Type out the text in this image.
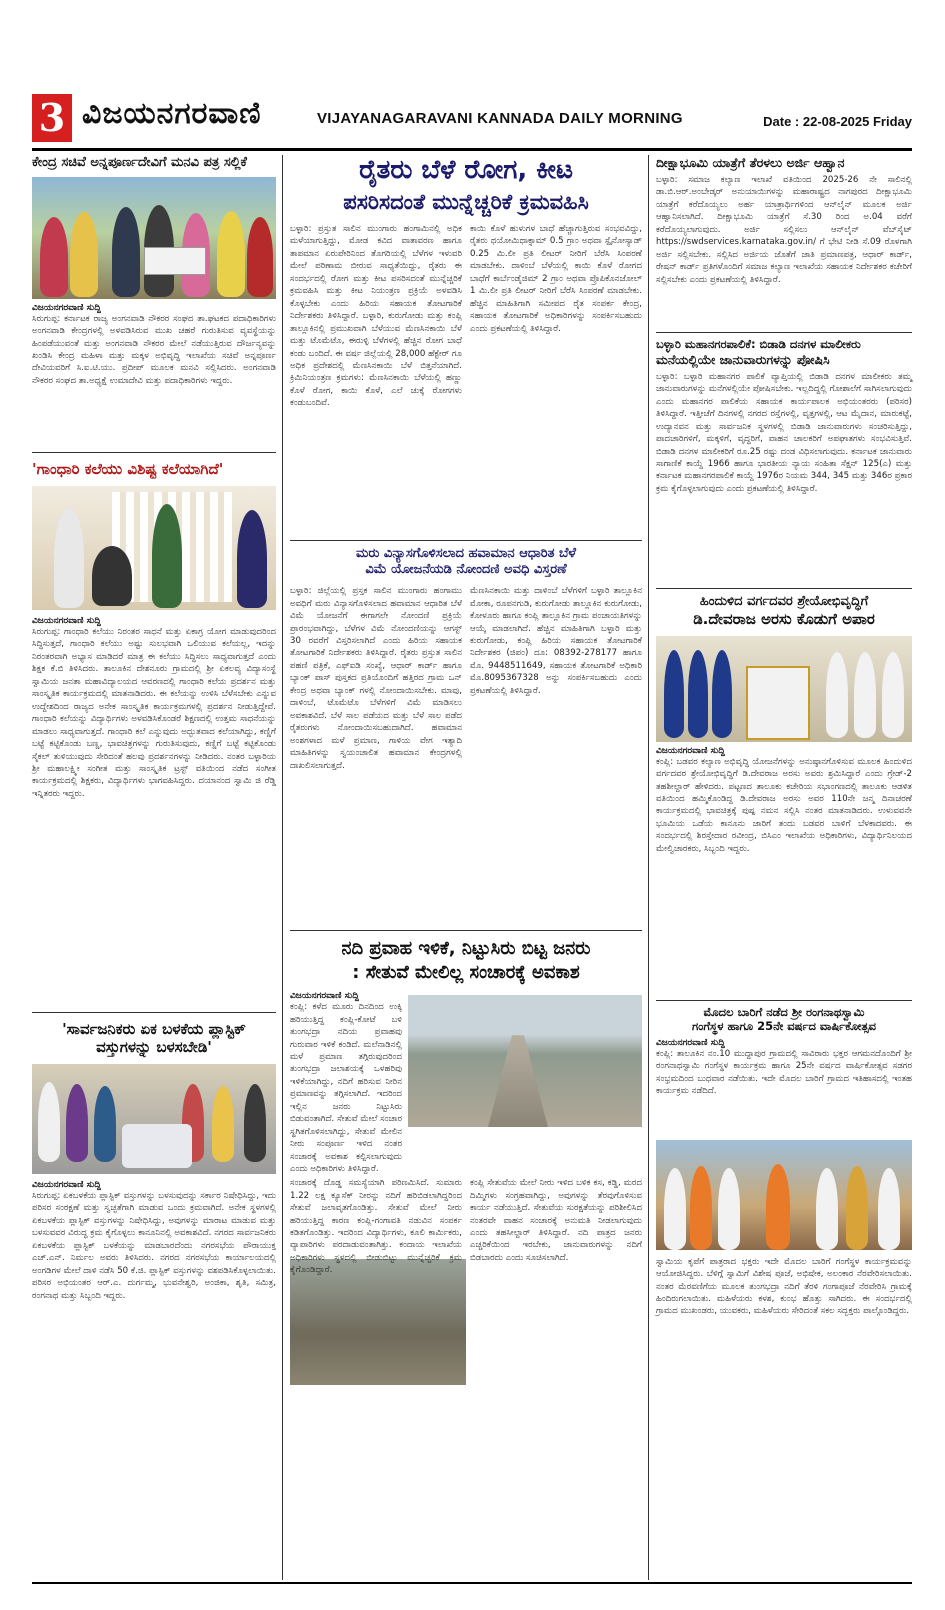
3 ವಿಜಯನಗರವಾಣಿ	VIJAYANAGARAVANI KANNADA DAILY MORNING	Date : 22-08-2025 Friday
ಕೇಂದ್ರ ಸಚಿವೆ ಅನ್ನಪೂರ್ಣದೇವಿಗೆ ಮನವಿ ಪತ್ರ ಸಲ್ಲಿಕೆ
ವಿಜಯನಗರವಾಣಿ ಸುದ್ದಿ
ಸಿರುಗುಪ್ಪ: ಕರ್ನಾಟಕ ರಾಜ್ಯ ಅಂಗನವಾಡಿ ನೌಕರರ ಸಂಘದ ತಾ.ಘಟಕದ ಪದಾಧಿಕಾರಿಗಳು ಅಂಗನವಾಡಿ ಕೇಂದ್ರಗಳಲ್ಲಿ ಅಳವಡಿಸಿರುವ ಮುಖ ಚಹರೆ ಗುರುತಿಸುವ ವ್ಯವಸ್ಥೆಯನ್ನು ಹಿಂಪಡೆಯುವಂತೆ ಮತ್ತು ಅಂಗನವಾಡಿ ನೌಕರರ ಮೇಲೆ ನಡೆಯುತ್ತಿರುವ ದೌರ್ಜನ್ಯವನ್ನು ಖಂಡಿಸಿ ಕೇಂದ್ರ ಮಹಿಳಾ ಮತ್ತು ಮಕ್ಕಳ ಅಭಿವೃದ್ಧಿ ಇಲಾಖೆಯ ಸಚಿವೆ ಅನ್ನಪೂರ್ಣ ದೇವಿಯವರಿಗೆ ಸಿ.ಐ.ಟಿ.ಯು. ಪ್ರದೀಪ್ ಮೂಲಕ ಮನವಿ ಸಲ್ಲಿಸಿದರು. ಅಂಗನವಾಡಿ ನೌಕರರ ಸಂಘದ ತಾ.ಅಧ್ಯಕ್ಷೆ ಉಮಾದೇವಿ ಮತ್ತು ಪದಾಧಿಕಾರಿಗಳು ಇದ್ದರು.
'ಗಾಂಧಾರಿ ಕಲೆಯು ವಿಶಿಷ್ಟ ಕಲೆಯಾಗಿದೆ'
ವಿಜಯನಗರವಾಣಿ ಸುದ್ದಿ
ಸಿರುಗುಪ್ಪ: ಗಾಂಧಾರಿ ಕಲೆಯು ನಿರಂತರ ಸಾಧನೆ ಮತ್ತು ಏಕಾಗ್ರ ಯೋಗ ಮಾಡುವುದರಿಂದ ಸಿದ್ಧಿಸುತ್ತದೆ, ಗಾಂಧಾರಿ ಕಲೆಯು ಅಷ್ಟು ಸುಲಭವಾಗಿ ಒಲಿಯುವ ಕಲೆಯಲ್ಲ, ಇದನ್ನು ನಿರಂತರವಾಗಿ ಅಭ್ಯಾಸ ಮಾಡಿದರೆ ಮಾತ್ರ ಈ ಕಲೆಯು ಸಿದ್ಧಿಸಲು ಸಾಧ್ಯವಾಗುತ್ತದೆ ಎಂದು ಶಿಕ್ಷಕ ಕೆ.ಬಿ ತಿಳಿಸಿದರು. ತಾಲೂಕಿನ ದೇಶನೂರು ಗ್ರಾಮದಲ್ಲಿ ಶ್ರೀ ಏಕಲವ್ಯ ವಿದ್ಯಾಸಂಸ್ಥೆ ಸ್ವಾಮಿಯ ಜನತಾ ಮಹಾವಿದ್ಯಾಲಯದ ಆವರಣದಲ್ಲಿ ಗಾಂಧಾರಿ ಕಲೆಯ ಪ್ರದರ್ಶನ ಮತ್ತು ಸಾಂಸ್ಕೃತಿಕ ಕಾರ್ಯಕ್ರಮದಲ್ಲಿ ಮಾತನಾಡಿದರು. ಈ ಕಲೆಯನ್ನು ಉಳಿಸಿ ಬೆಳೆಸಬೇಕು ಎನ್ನುವ ಉದ್ದೇಶದಿಂದ ರಾಜ್ಯದ ಅನೇಕ ಸಾಂಸ್ಕೃತಿಕ ಕಾರ್ಯಕ್ರಮಗಳಲ್ಲಿ ಪ್ರದರ್ಶನ ನೀಡುತ್ತಿದ್ದೇವೆ. ಗಾಂಧಾರಿ ಕಲೆಯನ್ನು ವಿದ್ಯಾರ್ಥಿಗಳು ಅಳವಡಿಸಿಕೊಂಡರೆ ಶಿಕ್ಷಣದಲ್ಲಿ ಉತ್ತಮ ಸಾಧನೆಯನ್ನು ಮಾಡಲು ಸಾಧ್ಯವಾಗುತ್ತದೆ. ಗಾಂಧಾರಿ ಕಲೆ ಎನ್ನುವುದು ಅದ್ಭುತವಾದ ಕಲೆಯಾಗಿದ್ದು, ಕಣ್ಣಿಗೆ ಬಟ್ಟೆ ಕಟ್ಟಿಕೊಂಡು ಬಣ್ಣ, ಭಾವಚಿತ್ರಗಳನ್ನು ಗುರುತಿಸುವುದು, ಕಣ್ಣಿಗೆ ಬಟ್ಟೆ ಕಟ್ಟಿಕೊಂಡು ಸೈಕಲ್ ತುಳಿಯುವುದು ಸೇರಿದಂತೆ ಹಲವು ಪ್ರದರ್ಶನಗಳನ್ನು ನೀಡಿದರು. ನಂತರ ಬಳ್ಳಾರಿಯ ಶ್ರೀ ಮಹಾಲಕ್ಷ್ಮೀ ಸಂಗೀತ ಮತ್ತು ಸಾಂಸ್ಕೃತಿಕ ಟ್ರಸ್ಟ್ ವತಿಯಿಂದ ನಡೆದ ಸಂಗೀತ ಕಾರ್ಯಕ್ರಮದಲ್ಲಿ ಶಿಕ್ಷಕರು, ವಿದ್ಯಾರ್ಥಿಗಳು ಭಾಗವಹಿಸಿದ್ದರು. ದಯಾನಂದ ಸ್ವಾಮಿ ಜಿ ರೆಡ್ಡಿ ಇನ್ನಿತರರು ಇದ್ದರು.
'ಸಾರ್ವಜನಿಕರು ಏಕ ಬಳಕೆಯ ಪ್ಲಾಸ್ಟಿಕ್ ವಸ್ತುಗಳನ್ನು ಬಳಸಬೇಡಿ'
ವಿಜಯನಗರವಾಣಿ ಸುದ್ದಿ
ಸಿರುಗುಪ್ಪ: ಏಕಬಳಕೆಯ ಪ್ಲಾಸ್ಟಿಕ್ ವಸ್ತುಗಳನ್ನು ಬಳಸುವುದನ್ನು ಸರ್ಕಾರ ನಿಷೇಧಿಸಿದ್ದು, ಇದು ಪರಿಸರ ಸಂರಕ್ಷಣೆ ಮತ್ತು ಸ್ವಚ್ಛತೆಗಾಗಿ ಮಾಡುವ ಒಂದು ಕ್ರಮವಾಗಿದೆ. ಅನೇಕ ಸ್ಥಳಗಳಲ್ಲಿ ಏಕಬಳಕೆಯ ಪ್ಲಾಸ್ಟಿಕ್ ವಸ್ತುಗಳನ್ನು ನಿಷೇಧಿಸಿದ್ದು, ಅವುಗಳನ್ನು ಮಾರಾಟ ಮಾಡುವ ಮತ್ತು ಬಳಸುವವರ ವಿರುದ್ಧ ಕ್ರಮ ಕೈಗೊಳ್ಳಲು ಕಾನೂನಿನಲ್ಲಿ ಅವಕಾಶವಿದೆ. ನಗರದ ಸಾರ್ವಜನಿಕರು ಏಕಬಳಕೆಯ ಪ್ಲಾಸ್ಟಿಕ್ ಬಳಕೆಯನ್ನು ಮಾಡಬಾರದೆಂದು ನಗರಸಭೆಯ ಪೌರಾಯುಕ್ತ ಎಚ್.ಎನ್. ನಿರ್ಮಲ ಅವರು ತಿಳಿಸಿದರು. ನಗರದ ನಗರಸಭೆಯ ಕಾರ್ಯಾಲಯದಲ್ಲಿ ಅಂಗಡಿಗಳ ಮೇಲೆ ದಾಳಿ ನಡೆಸಿ 50 ಕೆ.ಜಿ. ಪ್ಲಾಸ್ಟಿಕ್ ವಸ್ತುಗಳನ್ನು ವಶಪಡಿಸಿಕೊಳ್ಳಲಾಯಿತು. ಪರಿಸರ ಅಭಿಯಂತರ ಆರ್.ಎ. ದುರ್ಗಮ್ಮ, ಭುವನೇಶ್ವರಿ, ಅಂಜಿಕಾ, ಶೃತಿ, ಸಮಿತ್ರ, ರಂಗನಾಥ ಮತ್ತು ಸಿಬ್ಬಂದಿ ಇದ್ದರು.
ರೈತರು ಬೆಳೆ ರೋಗ, ಕೀಟ
ಪಸರಿಸದಂತೆ ಮುನ್ನೆಚ್ಚರಿಕೆ ಕ್ರಮವಹಿಸಿ
ಬಳ್ಳಾರಿ: ಪ್ರಸ್ತುತ ಸಾಲಿನ ಮುಂಗಾರು ಹಂಗಾಮಿನಲ್ಲಿ ಅಧಿಕ ಮಳೆಯಾಗುತ್ತಿದ್ದು, ಮೋಡ ಕವಿದ ವಾತಾವರಣ ಹಾಗೂ ತಾಪಮಾನ ಏರುಪೇರಿನಿಂದ ತೊಗರಿಯಲ್ಲಿ ಬೆಳೆಗಳ ಇಳುವರಿ ಮೇಲೆ ಪರಿಣಾಮ ಬೀರುವ ಸಾಧ್ಯತೆಯಿದ್ದು, ರೈತರು ಈ ಸಂದರ್ಭದಲ್ಲಿ ರೋಗ ಮತ್ತು ಕೀಟ ಪಸರಿಸದಂತೆ ಮುನ್ನೆಚ್ಚರಿಕೆ ಕ್ರಮವಹಿಸಿ ಮತ್ತು ಕೀಟ ನಿಯಂತ್ರಣ ಪ್ರಕ್ರಿಯೆ ಅಳವಡಿಸಿ ಕೊಳ್ಳಬೇಕು ಎಂದು ಹಿರಿಯ ಸಹಾಯಕ ತೋಟಗಾರಿಕೆ ನಿರ್ದೇಶಕರು ತಿಳಿಸಿದ್ದಾರೆ. ಬಳ್ಳಾರಿ, ಕುರುಗೋಡು ಮತ್ತು ಕಂಪ್ಲಿ ತಾಲ್ಲೂಕಿನಲ್ಲಿ ಪ್ರಮುಖವಾಗಿ ಬೆಳೆಯುವ ಮೆಣಸಿನಕಾಯಿ ಬೆಳೆ ಮತ್ತು ಟೊಮೆಟೊ, ಈರುಳ್ಳಿ ಬೆಳೆಗಳಲ್ಲಿ ಹೆಚ್ಚಿನ ರೋಗ ಬಾಧೆ ಕಂಡು ಬಂದಿದೆ. ಈ ವರ್ಷ ಜಿಲ್ಲೆಯಲ್ಲಿ 28,000 ಹೆಕ್ಟೇರ್ ಗೂ ಅಧಿಕ ಪ್ರದೇಶದಲ್ಲಿ ಮೆಣಸಿನಕಾಯಿ ಬೆಳೆ ಬಿತ್ತನೆಯಾಗಿದೆ. ಕ್ರಿಮಿನಿಯಂತ್ರಣ ಕ್ರಮಗಳು: ಮೆಣಸಿನಕಾಯಿ ಬೆಳೆಯಲ್ಲಿ ಹಣ್ಣು ಕೊಳೆ ರೋಗ, ಕಾಯಿ ಕೊಳೆ, ಎಲೆ ಚುಕ್ಕೆ ರೋಗಗಳು ಕಂಡುಬಂದಿವೆ.
ಕಾಯಿ ಕೊಳೆ ಹುಳುಗಳ ಬಾಧೆ ಹೆಚ್ಚಾಗುತ್ತಿರುವ ಸಂಭವವಿದ್ದು, ರೈತರು ಥಯೋಮಿಥಾಕ್ಸಾಮ್ 0.5 ಗ್ರಾಂ ಅಥವಾ ಸ್ಪೈನೋಸ್ಯಾಡ್ 0.25 ಮಿ.ಲೀ ಪ್ರತಿ ಲೀಟರ್ ನೀರಿಗೆ ಬೆರೆಸಿ ಸಿಂಪರಣೆ ಮಾಡಬೇಕು. ದಾಳಿಂಬೆ ಬೆಳೆಯಲ್ಲಿ ಕಾಯಿ ಕೊಳೆ ರೋಗದ ಬಾಧೆಗೆ ಕಾರ್ಬೆಂಡೈಜಿಮ್ 2 ಗ್ರಾಂ ಅಥವಾ ಪ್ರೊಪಿಕೊನಜೋಲ್ 1 ಮಿ.ಲೀ ಪ್ರತಿ ಲೀಟರ್ ನೀರಿಗೆ ಬೆರೆಸಿ ಸಿಂಪರಣೆ ಮಾಡಬೇಕು. ಹೆಚ್ಚಿನ ಮಾಹಿತಿಗಾಗಿ ಸಮೀಪದ ರೈತ ಸಂಪರ್ಕ ಕೇಂದ್ರ, ಸಹಾಯಕ ತೋಟಗಾರಿಕೆ ಅಧಿಕಾರಿಗಳನ್ನು ಸಂಪರ್ಕಿಸಬಹುದು ಎಂದು ಪ್ರಕಟಣೆಯಲ್ಲಿ ತಿಳಿಸಿದ್ದಾರೆ.
ಮರು ವಿನ್ಯಾಸಗೊಳಿಸಲಾದ ಹವಾಮಾನ ಆಧಾರಿತ ಬೆಳೆ
ವಿಮೆ ಯೋಜನೆಯಡಿ ನೋಂದಣಿ ಅವಧಿ ವಿಸ್ತರಣೆ
ಬಳ್ಳಾರಿ: ಜಿಲ್ಲೆಯಲ್ಲಿ ಪ್ರಸ್ತಕ ಸಾಲಿನ ಮುಂಗಾರು ಹಂಗಾಮು ಅವಧಿಗೆ ಮರು ವಿನ್ಯಾಸಗೊಳಿಸಲಾದ ಹವಾಮಾನ ಆಧಾರಿತ ಬೆಳೆ ವಿಮೆ ಯೋಜನೆಗೆ ಈಗಾಗಲೇ ನೋಂದಣಿ ಪ್ರಕ್ರಿಯೆ ಪ್ರಾರಂಭವಾಗಿದ್ದು, ಬೆಳೆಗಳ ವಿಮೆ ನೋಂದಣಿಯನ್ನು ಆಗಸ್ಟ್ 30 ರವರೆಗೆ ವಿಸ್ತರಿಸಲಾಗಿದೆ ಎಂದು ಹಿರಿಯ ಸಹಾಯಕ ತೋಟಗಾರಿಕೆ ನಿರ್ದೇಶಕರು ತಿಳಿಸಿದ್ದಾರೆ. ರೈತರು ಪ್ರಸ್ತುತ ಸಾಲಿನ ಪಹಣಿ ಪತ್ರಿಕೆ, ಎಫ್ಐಡಿ ಸಂಖ್ಯೆ, ಆಧಾರ್ ಕಾರ್ಡ್ ಹಾಗೂ ಬ್ಯಾಂಕ್ ಪಾಸ್ ಪುಸ್ತಕದ ಪ್ರತಿಯೊಂದಿಗೆ ಹತ್ತಿರದ ಗ್ರಾಮ ಒನ್ ಕೇಂದ್ರ ಅಥವಾ ಬ್ಯಾಂಕ್ ಗಳಲ್ಲಿ ನೋಂದಾಯಿಸಬೇಕು. ಮಾವು, ದಾಳಿಂಬೆ, ಟೊಮೆಟೊ ಬೆಳೆಗಳಿಗೆ ವಿಮೆ ಮಾಡಿಸಲು ಅವಕಾಶವಿದೆ. ಬೆಳೆ ಸಾಲ ಪಡೆಯದ ಮತ್ತು ಬೆಳೆ ಸಾಲ ಪಡೆದ ರೈತರುಗಳು ನೋಂದಾಯಿಸಬಹುದಾಗಿದೆ. ಹವಾಮಾನ ಅಂಶಗಳಾದ ಮಳೆ ಪ್ರಮಾಣ, ಗಾಳಿಯ ವೇಗ ಇತ್ಯಾದಿ ಮಾಹಿತಿಗಳನ್ನು ಸ್ವಯಂಚಾಲಿತ ಹವಾಮಾನ ಕೇಂದ್ರಗಳಲ್ಲಿ ದಾಖಲಿಸಲಾಗುತ್ತದೆ.
ಮೆಣಸಿನಕಾಯಿ ಮತ್ತು ದಾಳಿಂಬೆ ಬೆಳೆಗಳಿಗೆ ಬಳ್ಳಾರಿ ತಾಲ್ಲೂಕಿನ ಮೋಕಾ, ರೂಪನಗುಡಿ, ಕುರುಗೋಡು ತಾಲ್ಲೂಕಿನ ಕುರುಗೋಡು, ಕೋಳೂರು ಹಾಗೂ ಕಂಪ್ಲಿ ತಾಲ್ಲೂಕಿನ ಗ್ರಾಮ ಪಂಚಾಯತಿಗಳನ್ನು ಆಯ್ಕೆ ಮಾಡಲಾಗಿದೆ. ಹೆಚ್ಚಿನ ಮಾಹಿತಿಗಾಗಿ ಬಳ್ಳಾರಿ ಮತ್ತು ಕುರುಗೋಡು, ಕಂಪ್ಲಿ ಹಿರಿಯ ಸಹಾಯಕ ತೋಟಗಾರಿಕೆ ನಿರ್ದೇಶಕರ (ಜಿಪಂ) ದೂ: 08392-278177 ಹಾಗೂ ಮೊ. 9448511649, ಸಹಾಯಕ ತೋಟಗಾರಿಕೆ ಅಧಿಕಾರಿ ಮೊ.8095367328 ಅನ್ನು ಸಂಪರ್ಕಿಸಬಹುದು ಎಂದು ಪ್ರಕಟಣೆಯಲ್ಲಿ ತಿಳಿಸಿದ್ದಾರೆ.
ನದಿ ಪ್ರವಾಹ ಇಳಿಕೆ, ನಿಟ್ಟುಸಿರು ಬಿಟ್ಟ ಜನರು
: ಸೇತುವೆ ಮೇಲಿಲ್ಲ ಸಂಚಾರಕ್ಕೆ ಅವಕಾಶ
ವಿಜಯನಗರವಾಣಿ ಸುದ್ದಿ
ಕಂಪ್ಲಿ: ಕಳೆದ ಮೂರು ದಿನದಿಂದ ಉಕ್ಕಿ ಹರಿಯುತ್ತಿದ್ದ ಕಂಪ್ಲಿ-ಕೋಟೆ ಬಳಿ ತುಂಗಭದ್ರಾ ನದಿಯ ಪ್ರವಾಹವು ಗುರುವಾರ ಇಳಿಕೆ ಕಂಡಿದೆ. ಮಲೆನಾಡಿನಲ್ಲಿ ಮಳೆ ಪ್ರಮಾಣ ತಗ್ಗಿರುವುದರಿಂದ ತುಂಗಭದ್ರಾ ಜಲಾಶಯಕ್ಕೆ ಒಳಹರಿವು ಇಳಿಕೆಯಾಗಿದ್ದು, ನದಿಗೆ ಹರಿಸುವ ನೀರಿನ ಪ್ರಮಾಣವನ್ನು ತಗ್ಗಿಸಲಾಗಿದೆ. ಇದರಿಂದ ಇಲ್ಲಿನ ಜನರು ನಿಟ್ಟುಸಿರು ಬಿಡುವಂತಾಗಿದೆ. ಸೇತುವೆ ಮೇಲೆ ಸಂಚಾರ ಸ್ಥಗಿತಗೊಳಿಸಲಾಗಿದ್ದು, ಸೇತುವೆ ಮೇಲಿನ ನೀರು ಸಂಪೂರ್ಣ ಇಳಿದ ನಂತರ ಸಂಚಾರಕ್ಕೆ ಅವಕಾಶ ಕಲ್ಪಿಸಲಾಗುವುದು ಎಂದು ಅಧಿಕಾರಿಗಳು ತಿಳಿಸಿದ್ದಾರೆ.
ಸಂಚಾರಕ್ಕೆ ದೊಡ್ಡ ಸಮಸ್ಯೆಯಾಗಿ ಪರಿಣಮಿಸಿದೆ. ಸುಮಾರು 1.22 ಲಕ್ಷ ಕ್ಯೂಸೆಕ್ ನೀರನ್ನು ನದಿಗೆ ಹರಿಬಿಡಲಾಗಿದ್ದರಿಂದ ಸೇತುವೆ ಜಲಾವೃತಗೊಂಡಿತ್ತು. ಸೇತುವೆ ಮೇಲೆ ನೀರು ಹರಿಯುತ್ತಿದ್ದ ಕಾರಣ ಕಂಪ್ಲಿ-ಗಂಗಾವತಿ ನಡುವಿನ ಸಂಪರ್ಕ ಕಡಿತಗೊಂಡಿತ್ತು. ಇದರಿಂದ ವಿದ್ಯಾರ್ಥಿಗಳು, ಕೂಲಿ ಕಾರ್ಮಿಕರು, ವ್ಯಾಪಾರಿಗಳು ಪರದಾಡುವಂತಾಗಿತ್ತು. ಕಂದಾಯ ಇಲಾಖೆಯ ಅಧಿಕಾರಿಗಳು ಸ್ಥಳದಲ್ಲಿ ಬೀಡುಬಿಟ್ಟು ಮುನ್ನೆಚ್ಚರಿಕೆ ಕ್ರಮ ಕೈಗೊಂಡಿದ್ದಾರೆ.
ಕಂಪ್ಲಿ ಸೇತುವೆಯ ಮೇಲೆ ನೀರು ಇಳಿದ ಬಳಿಕ ಕಸ, ಕಡ್ಡಿ, ಮರದ ದಿಮ್ಮಿಗಳು ಸಂಗ್ರಹವಾಗಿದ್ದು, ಅವುಗಳನ್ನು ತೆರವುಗೊಳಿಸುವ ಕಾರ್ಯ ನಡೆಯುತ್ತಿದೆ. ಸೇತುವೆಯ ಸುರಕ್ಷತೆಯನ್ನು ಪರಿಶೀಲಿಸಿದ ನಂತರವೇ ವಾಹನ ಸಂಚಾರಕ್ಕೆ ಅನುಮತಿ ನೀಡಲಾಗುವುದು ಎಂದು ತಹಸೀಲ್ದಾರ್ ತಿಳಿಸಿದ್ದಾರೆ. ನದಿ ಪಾತ್ರದ ಜನರು ಎಚ್ಚರಿಕೆಯಿಂದ ಇರಬೇಕು, ಜಾನುವಾರುಗಳನ್ನು ನದಿಗೆ ಬಿಡಬಾರದು ಎಂದು ಸೂಚಿಸಲಾಗಿದೆ.
ದೀಕ್ಷಾಭೂಮಿ ಯಾತ್ರೆಗೆ ತೆರಳಲು ಅರ್ಜಿ ಆಹ್ವಾನ
ಬಳ್ಳಾರಿ: ಸಮಾಜ ಕಲ್ಯಾಣ ಇಲಾಖೆ ವತಿಯಿಂದ 2025-26 ನೇ ಸಾಲಿನಲ್ಲಿ ಡಾ.ಬಿ.ಆರ್.ಅಂಬೇಡ್ಕರ್ ಅನುಯಾಯಿಗಳನ್ನು ಮಹಾರಾಷ್ಟ್ರದ ನಾಗಪುರದ ದೀಕ್ಷಾಭೂಮಿ ಯಾತ್ರೆಗೆ ಕರೆದೊಯ್ಯಲು ಅರ್ಹ ಯಾತ್ರಾರ್ಥಿಗಳಿಂದ ಆನ್‌ಲೈನ್ ಮೂಲಕ ಅರ್ಜಿ ಆಹ್ವಾನಿಸಲಾಗಿದೆ. ದೀಕ್ಷಾಭೂಮಿ ಯಾತ್ರೆಗೆ ಸೆ.30 ರಿಂದ ಅ.04 ವರೆಗೆ ಕರೆದೊಯ್ಯಲಾಗುವುದು. ಅರ್ಜಿ ಸಲ್ಲಿಸಲು ಆನ್‌ಲೈನ್ ವೆಬ್‌ಸೈಟ್ https://swdservices.karnataka.gov.in/ ಗೆ ಭೇಟಿ ನೀಡಿ ಸೆ.09 ರೊಳಗಾಗಿ ಅರ್ಜಿ ಸಲ್ಲಿಸಬೇಕು. ಸಲ್ಲಿಸಿದ ಅರ್ಜಿಯ ಜೊತೆಗೆ ಜಾತಿ ಪ್ರಮಾಣಪತ್ರ, ಆಧಾರ್ ಕಾರ್ಡ್, ರೇಷನ್ ಕಾರ್ಡ್ ಪ್ರತಿಗಳೊಂದಿಗೆ ಸಮಾಜ ಕಲ್ಯಾಣ ಇಲಾಖೆಯ ಸಹಾಯಕ ನಿರ್ದೇಶಕರ ಕಚೇರಿಗೆ ಸಲ್ಲಿಸಬೇಕು ಎಂದು ಪ್ರಕಟಣೆಯಲ್ಲಿ ತಿಳಿಸಿದ್ದಾರೆ.
ಬಳ್ಳಾರಿ ಮಹಾನಗರಪಾಲಿಕೆ: ಬಿಡಾಡಿ ದನಗಳ ಮಾಲೀಕರು
ಮನೆಯಲ್ಲಿಯೇ ಜಾನುವಾರುಗಳನ್ನು ಪೋಷಿಸಿ
ಬಳ್ಳಾರಿ: ಬಳ್ಳಾರಿ ಮಹಾನಗರ ಪಾಲಿಕೆ ವ್ಯಾಪ್ತಿಯಲ್ಲಿ ಬಿಡಾಡಿ ದನಗಳ ಮಾಲೀಕರು ತಮ್ಮ ಜಾನುವಾರುಗಳನ್ನು ಮನೆಗಳಲ್ಲಿಯೇ ಪೋಷಿಸಬೇಕು. ಇಲ್ಲದಿದ್ದಲ್ಲಿ ಗೋಶಾಲೆಗೆ ಸಾಗಿಸಲಾಗುವುದು ಎಂದು ಮಹಾನಗರ ಪಾಲಿಕೆಯ ಸಹಾಯಕ ಕಾರ್ಯಪಾಲಕ ಅಭಿಯಂತರರು (ಪರಿಸರ) ತಿಳಿಸಿದ್ದಾರೆ. ಇತ್ತೀಚೆಗೆ ದಿನಗಳಲ್ಲಿ ನಗರದ ರಸ್ತೆಗಳಲ್ಲಿ, ವೃತ್ತಗಳಲ್ಲಿ, ಆಟ ಮೈದಾನ, ಮಾರುಕಟ್ಟೆ, ಉದ್ಯಾನವನ ಮತ್ತು ಸಾರ್ವಜನಿಕ ಸ್ಥಳಗಳಲ್ಲಿ ಬಿಡಾಡಿ ಜಾನುವಾರುಗಳು ಸಂಚರಿಸುತ್ತಿದ್ದು, ಪಾದಚಾರಿಗಳಿಗೆ, ಮಕ್ಕಳಿಗೆ, ವೃದ್ಧರಿಗೆ, ವಾಹನ ಚಾಲಕರಿಗೆ ಅಪಘಾತಗಳು ಸಂಭವಿಸುತ್ತಿವೆ. ಬಿಡಾಡಿ ದನಗಳ ಮಾಲೀಕರಿಗೆ ರೂ.25 ರಷ್ಟು ದಂಡ ವಿಧಿಸಲಾಗುವುದು. ಕರ್ನಾಟಕ ಜಾನುವಾರು ಸಾಗಾಣಿಕೆ ಕಾಯ್ದೆ 1966 ಹಾಗೂ ಭಾರತೀಯ ನ್ಯಾಯ ಸಂಹಿತಾ ಸೆಕ್ಷನ್ 125(ಎ) ಮತ್ತು ಕರ್ನಾಟಕ ಮಹಾನಗರಪಾಲಿಕೆ ಕಾಯ್ದೆ 1976ರ ನಿಯಮ 344, 345 ಮತ್ತು 346ರ ಪ್ರಕಾರ ಕ್ರಮ ಕೈಗೊಳ್ಳಲಾಗುವುದು ಎಂದು ಪ್ರಕಟಣೆಯಲ್ಲಿ ತಿಳಿಸಿದ್ದಾರೆ.
ಹಿಂದುಳಿದ ವರ್ಗದವರ ಶ್ರೇಯೋಭಿವೃದ್ಧಿಗೆ
ಡಿ.ದೇವರಾಜ ಅರಸು ಕೊಡುಗೆ ಅಪಾರ
ವಿಜಯನಗರವಾಣಿ ಸುದ್ದಿ
ಕಂಪ್ಲಿ: ಬಡವರ ಕಲ್ಯಾಣ ಅಭಿವೃದ್ಧಿ ಯೋಜನೆಗಳನ್ನು ಅನುಷ್ಠಾನಗೊಳಿಸುವ ಮೂಲಕ ಹಿಂದುಳಿದ ವರ್ಗದವರ ಶ್ರೇಯೋಭಿವೃದ್ಧಿಗೆ ಡಿ.ದೇವರಾಜ ಅರಸು ಅವರು ಶ್ರಮಿಸಿದ್ದಾರೆ ಎಂದು ಗ್ರೇಡ್-2 ತಹಶೀಲ್ದಾರ್ ಹೇಳಿದರು. ಪಟ್ಟಣದ ತಾಲೂಕು ಕಚೇರಿಯ ಸಭಾಂಗಣದಲ್ಲಿ ತಾಲೂಕು ಆಡಳಿತ ವತಿಯಿಂದ ಹಮ್ಮಿಕೊಂಡಿದ್ದ ಡಿ.ದೇವರಾಜ ಅರಸು ಅವರ 110ನೇ ಜನ್ಮ ದಿನಾಚರಣೆ ಕಾರ್ಯಕ್ರಮದಲ್ಲಿ ಭಾವಚಿತ್ರಕ್ಕೆ ಪುಷ್ಪ ನಮನ ಸಲ್ಲಿಸಿ ನಂತರ ಮಾತನಾಡಿದರು. ಉಳುವವನೇ ಭೂಮಿಯ ಒಡೆಯ ಕಾನೂನು ಜಾರಿಗೆ ತಂದು ಬಡವರ ಬಾಳಿಗೆ ಬೆಳಕಾದವರು. ಈ ಸಂದರ್ಭದಲ್ಲಿ ಶಿರಸ್ತೇದಾರ ರವೀಂದ್ರ, ಬಿಸಿಎಂ ಇಲಾಖೆಯ ಅಧಿಕಾರಿಗಳು, ವಿದ್ಯಾರ್ಥಿನಿಲಯದ ಮೇಲ್ವಿಚಾರಕರು, ಸಿಬ್ಬಂದಿ ಇದ್ದರು.
ಮೊದಲ ಬಾರಿಗೆ ನಡೆದ ಶ್ರೀ ರಂಗನಾಥಸ್ವಾಮಿ
ಗಂಗೆಸ್ಥಳ ಹಾಗೂ 25ನೇ ವರ್ಷದ ವಾರ್ಷಿಕೋತ್ಸವ
ವಿಜಯನಗರವಾಣಿ ಸುದ್ದಿ
ಕಂಪ್ಲಿ: ತಾಲೂಕಿನ ನಂ.10 ಮುದ್ದಾಪುರ ಗ್ರಾಮದಲ್ಲಿ ಸಾವಿರಾರು ಭಕ್ತರ ಆಗಮನದೊಂದಿಗೆ ಶ್ರೀ ರಂಗನಾಥಸ್ವಾಮಿ ಗಂಗೆಸ್ಥಳ ಕಾರ್ಯಕ್ರಮ ಹಾಗೂ 25ನೇ ವರ್ಷದ ವಾರ್ಷಿಕೋತ್ಸವ ಸಡಗರ ಸಂಭ್ರಮದಿಂದ ಬುಧವಾರ ನಡೆಯಿತು. ಇದೇ ಮೊದಲ ಬಾರಿಗೆ ಗ್ರಾಮದ ಇತಿಹಾಸದಲ್ಲಿ ಇಂತಹ ಕಾರ್ಯಕ್ರಮ ನಡೆದಿದೆ.
ಸ್ವಾಮಿಯ ಕೃಪೆಗೆ ಪಾತ್ರರಾದ ಭಕ್ತರು ಇದೇ ಮೊದಲ ಬಾರಿಗೆ ಗಂಗೆಸ್ಥಳ ಕಾರ್ಯಕ್ರಮವನ್ನು ಆಯೋಜಿಸಿದ್ದರು. ಬೆಳಿಗ್ಗೆ ಸ್ವಾಮಿಗೆ ವಿಶೇಷ ಪೂಜೆ, ಅಭಿಷೇಕ, ಅಲಂಕಾರ ನೆರವೇರಿಸಲಾಯಿತು. ನಂತರ ಮೆರವಣಿಗೆಯ ಮೂಲಕ ತುಂಗಭದ್ರಾ ನದಿಗೆ ತೆರಳಿ ಗಂಗಾಪೂಜೆ ನೆರವೇರಿಸಿ ಗ್ರಾಮಕ್ಕೆ ಹಿಂದಿರುಗಲಾಯಿತು. ಮಹಿಳೆಯರು ಕಳಶ, ಕುಂಭ ಹೊತ್ತು ಸಾಗಿದರು. ಈ ಸಂದರ್ಭದಲ್ಲಿ ಗ್ರಾಮದ ಮುಖಂಡರು, ಯುವಕರು, ಮಹಿಳೆಯರು ಸೇರಿದಂತೆ ಸಕಲ ಸದ್ಭಕ್ತರು ಪಾಲ್ಗೊಂಡಿದ್ದರು.
